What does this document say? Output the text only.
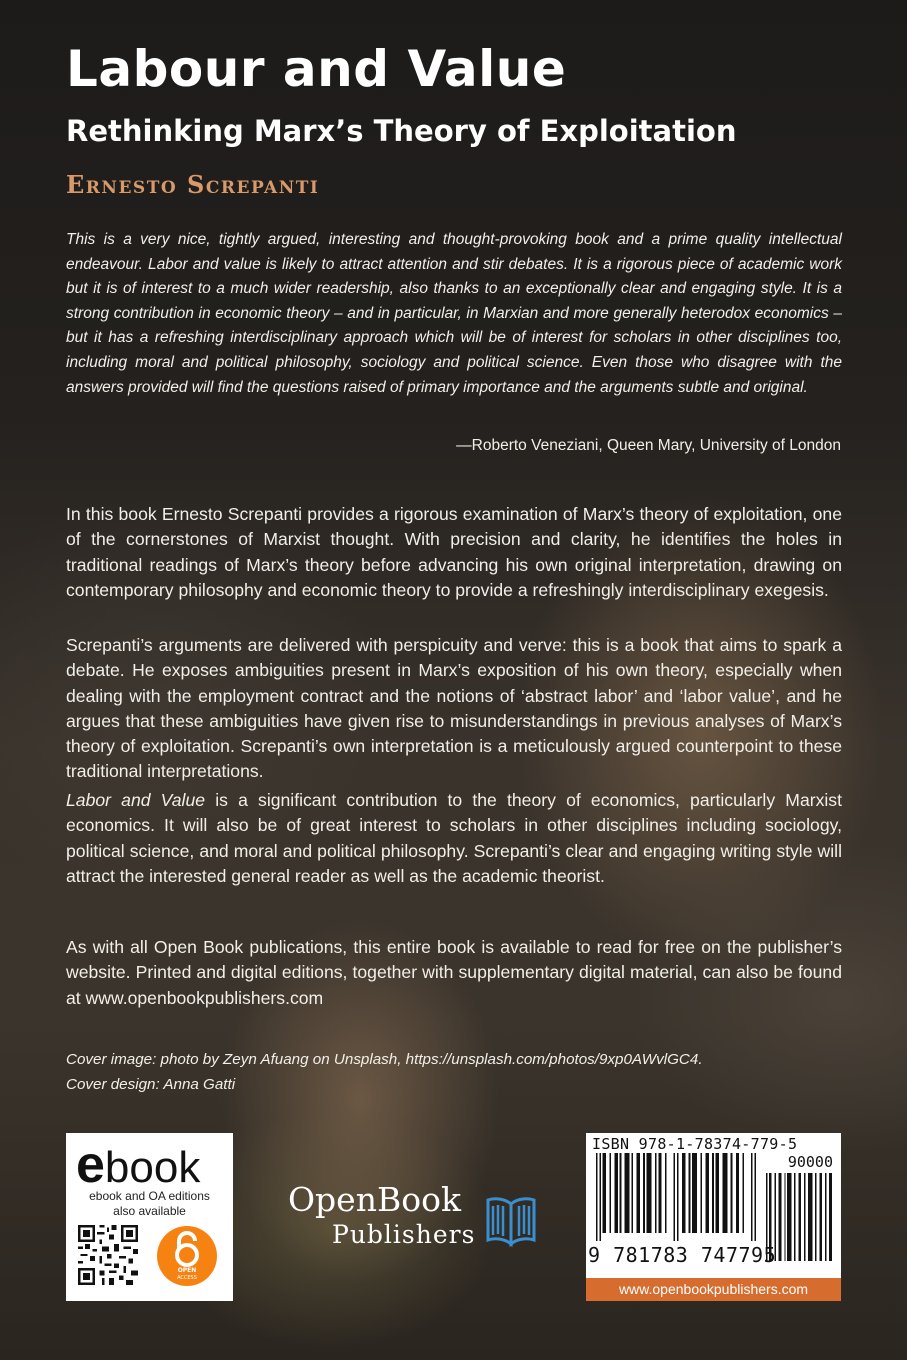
Labour and Value
Rethinking Marx’s Theory of Exploitation

Ernesto Screpanti

This is a very nice, tightly argued, interesting and thought-provoking book and a prime quality intellectual endeavour. Labor and value is likely to attract attention and stir debates. It is a rigorous piece of academic work but it is of interest to a much wider readership, also thanks to an exceptionally clear and engaging style. It is a strong contribution in economic theory – and in particular, in Marxian and more generally heterodox economics – but it has a refreshing interdisciplinary approach which will be of interest for scholars in other disciplines too, including moral and political philosophy, sociology and political science. Even those who disagree with the answers provided will find the questions raised of primary importance and the arguments subtle and original.

—Roberto Veneziani, Queen Mary, University of London

In this book Ernesto Screpanti provides a rigorous examination of Marx’s theory of exploitation, one of the cornerstones of Marxist thought. With precision and clarity, he identifies the holes in traditional readings of Marx’s theory before advancing his own original interpretation, drawing on contemporary philosophy and economic theory to provide a refreshingly interdisciplinary exegesis.

Screpanti’s arguments are delivered with perspicuity and verve: this is a book that aims to spark a debate. He exposes ambiguities present in Marx’s exposition of his own theory, especially when dealing with the employment contract and the notions of ‘abstract labor’ and ‘labor value’, and he argues that these ambiguities have given rise to misunderstandings in previous analyses of Marx’s theory of exploitation. Screpanti’s own interpretation is a meticulously argued counterpoint to these traditional interpretations.

Labor and Value is a significant contribution to the theory of economics, particularly Marxist economics. It will also be of great interest to scholars in other disciplines including sociology, political science, and moral and political philosophy. Screpanti’s clear and engaging writing style will attract the interested general reader as well as the academic theorist.

As with all Open Book publications, this entire book is available to read for free on the publisher’s website. Printed and digital editions, together with supplementary digital material, can also be found at www.openbookpublishers.com

Cover image: photo by Zeyn Afuang on Unsplash, https://unsplash.com/photos/9xp0AWvlGC4.
Cover design: Anna Gatti

ebook
ebook and OA editions
also available
OPEN
ACCESS
OpenBook
Publishers
ISBN 978-1-78374-779-5
90000
9 781783 747795
www.openbookpublishers.com
